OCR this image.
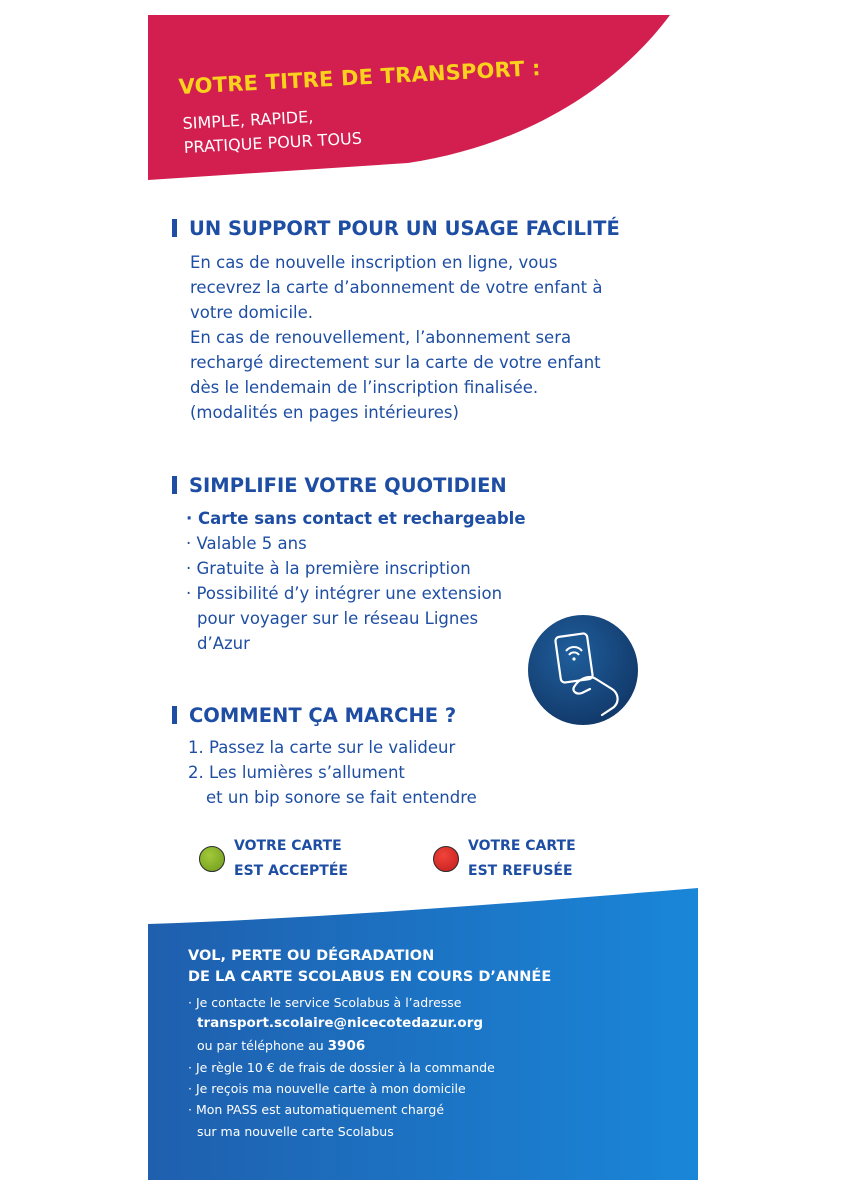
VOTRE TITRE DE TRANSPORT :
SIMPLE, RAPIDE,
PRATIQUE POUR TOUS
UN SUPPORT POUR UN USAGE FACILITÉ
En cas de nouvelle inscription en ligne, vous
recevrez la carte d’abonnement de votre enfant à
votre domicile.
En cas de renouvellement, l’abonnement sera
rechargé directement sur la carte de votre enfant
dès le lendemain de l’inscription finalisée.
(modalités en pages intérieures)
SIMPLIFIE VOTRE QUOTIDIEN
· Carte sans contact et rechargeable
· Valable 5 ans
· Gratuite à la première inscription
· Possibilité d’y intégrer une extension
pour voyager sur le réseau Lignes
d’Azur
COMMENT ÇA MARCHE ?
1. Passez la carte sur le valideur
2. Les lumières s’allument
et un bip sonore se fait entendre
VOTRE CARTE
EST ACCEPTÉE
VOTRE CARTE
EST REFUSÉE
VOL, PERTE OU DÉGRADATION
DE LA CARTE SCOLABUS EN COURS D’ANNÉE
· Je contacte le service Scolabus à l’adresse
transport.scolaire@nicecotedazur.org
ou par téléphone au 3906
· Je règle 10 € de frais de dossier à la commande
· Je reçois ma nouvelle carte à mon domicile
· Mon PASS est automatiquement chargé
sur ma nouvelle carte Scolabus
